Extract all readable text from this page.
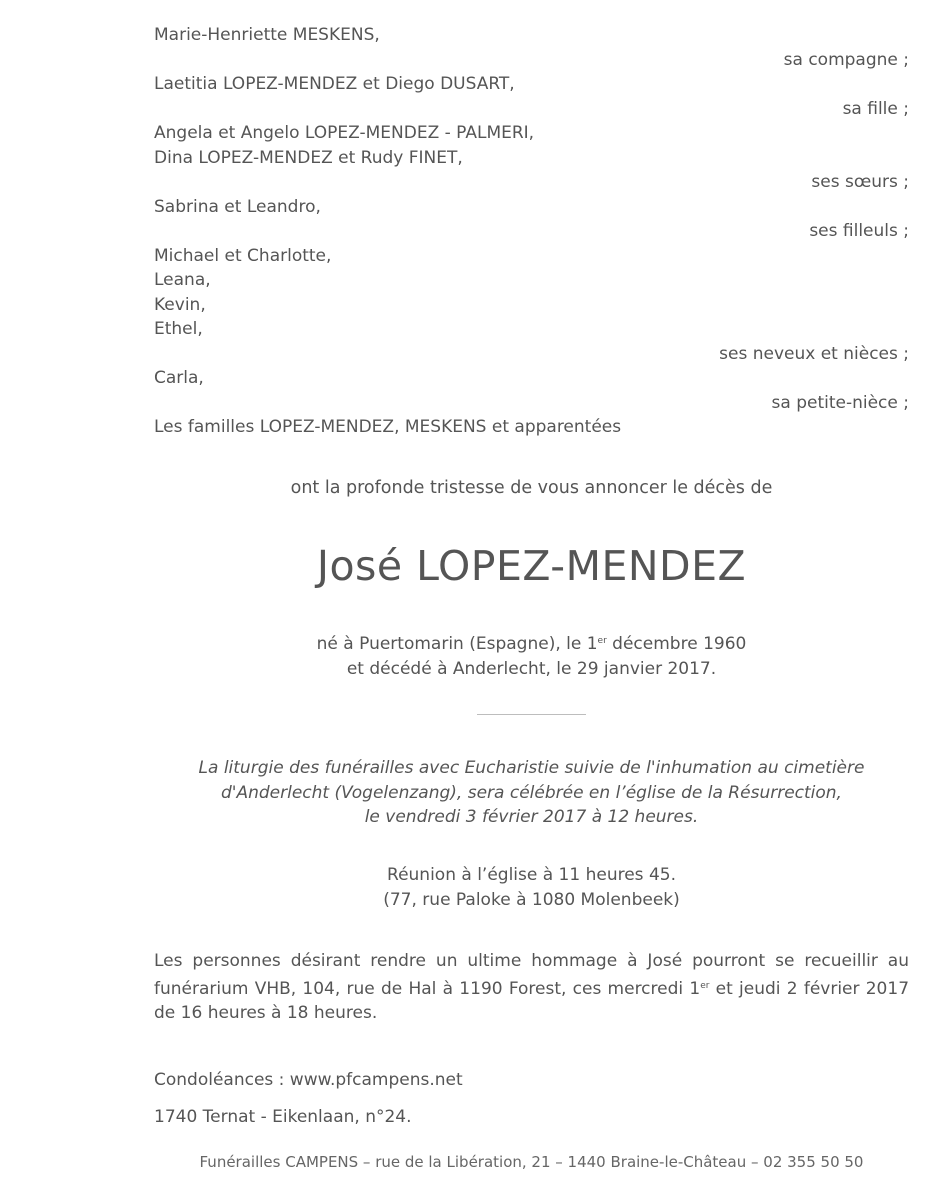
Marie-Henriette MESKENS,
sa compagne ;
Laetitia LOPEZ-MENDEZ et Diego DUSART,
sa fille ;
Angela et Angelo LOPEZ-MENDEZ - PALMERI,
Dina LOPEZ-MENDEZ et Rudy FINET,
ses sœurs ;
Sabrina et Leandro,
ses filleuls ;
Michael et Charlotte,
Leana,
Kevin,
Ethel,
ses neveux et nièces ;
Carla,
sa petite-nièce ;
Les familles LOPEZ-MENDEZ, MESKENS et apparentées
ont la profonde tristesse de vous annoncer le décès de
José LOPEZ-MENDEZ
né à Puertomarin (Espagne), le 1er décembre 1960
et décédé à Anderlecht, le 29 janvier 2017.
La liturgie des funérailles avec Eucharistie suivie de l'inhumation au cimetière
d'Anderlecht (Vogelenzang), sera célébrée en l’église de la Résurrection,
le vendredi 3 février 2017 à 12 heures.
Réunion à l’église à 11 heures 45.
(77, rue Paloke à 1080 Molenbeek)
Les personnes désirant rendre un ultime hommage à José pourront se recueillir au funérarium VHB, 104, rue de Hal à 1190 Forest, ces mercredi 1er et jeudi 2 février 2017 de 16 heures à 18 heures.
Condoléances : www.pfcampens.net
1740 Ternat - Eikenlaan, n°24.
Funérailles CAMPENS – rue de la Libération, 21 – 1440 Braine-le-Château – 02 355 50 50
